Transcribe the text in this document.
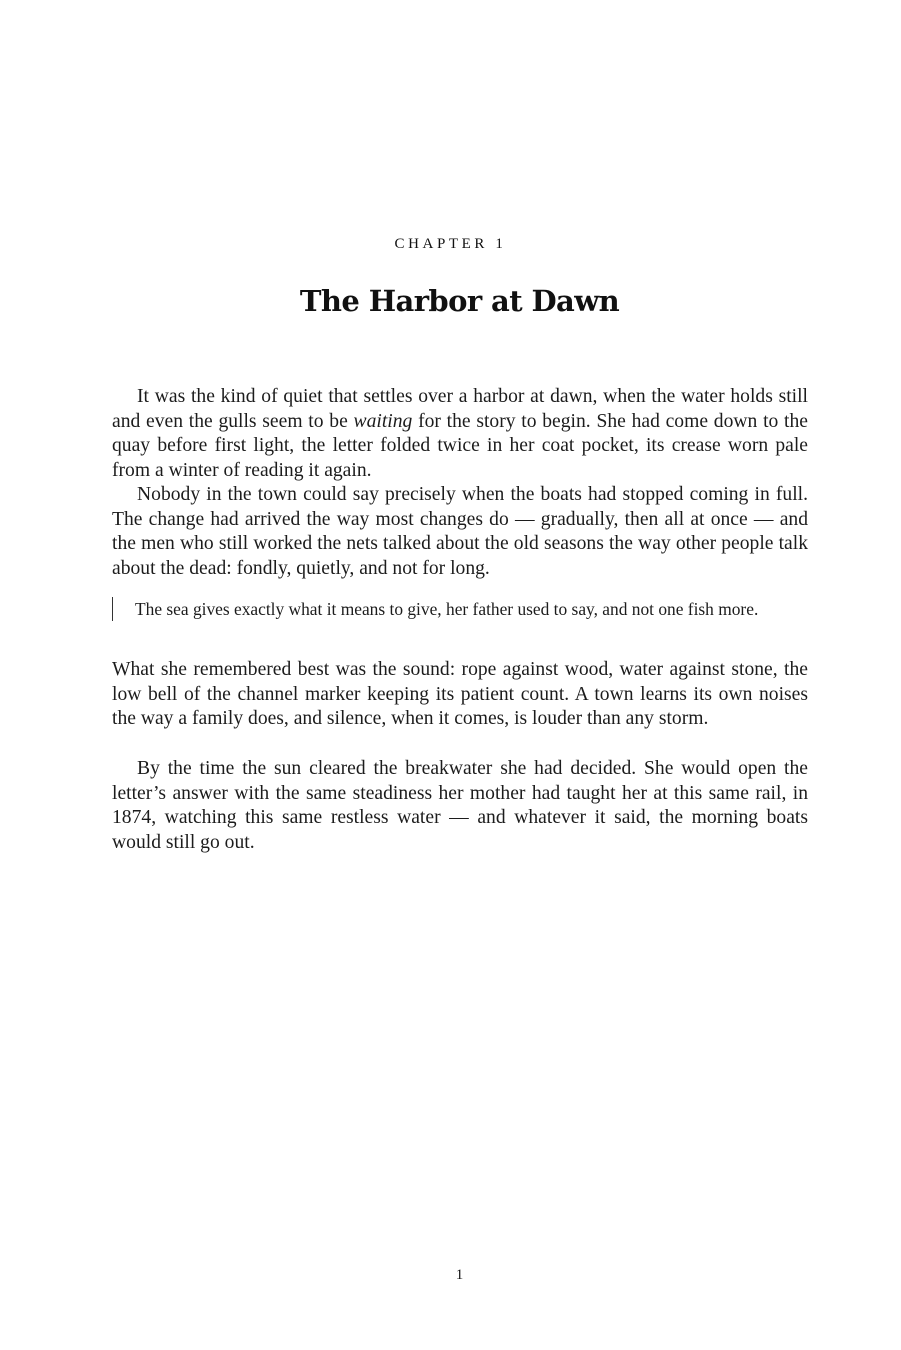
CHAPTER 1
The Harbor at Dawn

It was the kind of quiet that settles over a harbor at dawn, when the water holds still and even the gulls seem to be waiting for the story to begin. She had come down to the quay before first light, the letter folded twice in her coat pocket, its crease worn pale from a winter of reading it again.

Nobody in the town could say precisely when the boats had stopped coming in full. The change had arrived the way most changes do — gradually, then all at once — and the men who still worked the nets talked about the old seasons the way other people talk about the dead: fondly, quietly, and not for long.

The sea gives exactly what it means to give, her father used to say, and not one fish more.

What she remembered best was the sound: rope against wood, water against stone, the low bell of the channel marker keeping its patient count. A town learns its own noises the way a family does, and silence, when it comes, is louder than any storm.

By the time the sun cleared the breakwater she had decided. She would open the letter’s answer with the same steadiness her mother had taught her at this same rail, in 1874, watching this same restless water — and whatever it said, the morning boats would still go out.

1
